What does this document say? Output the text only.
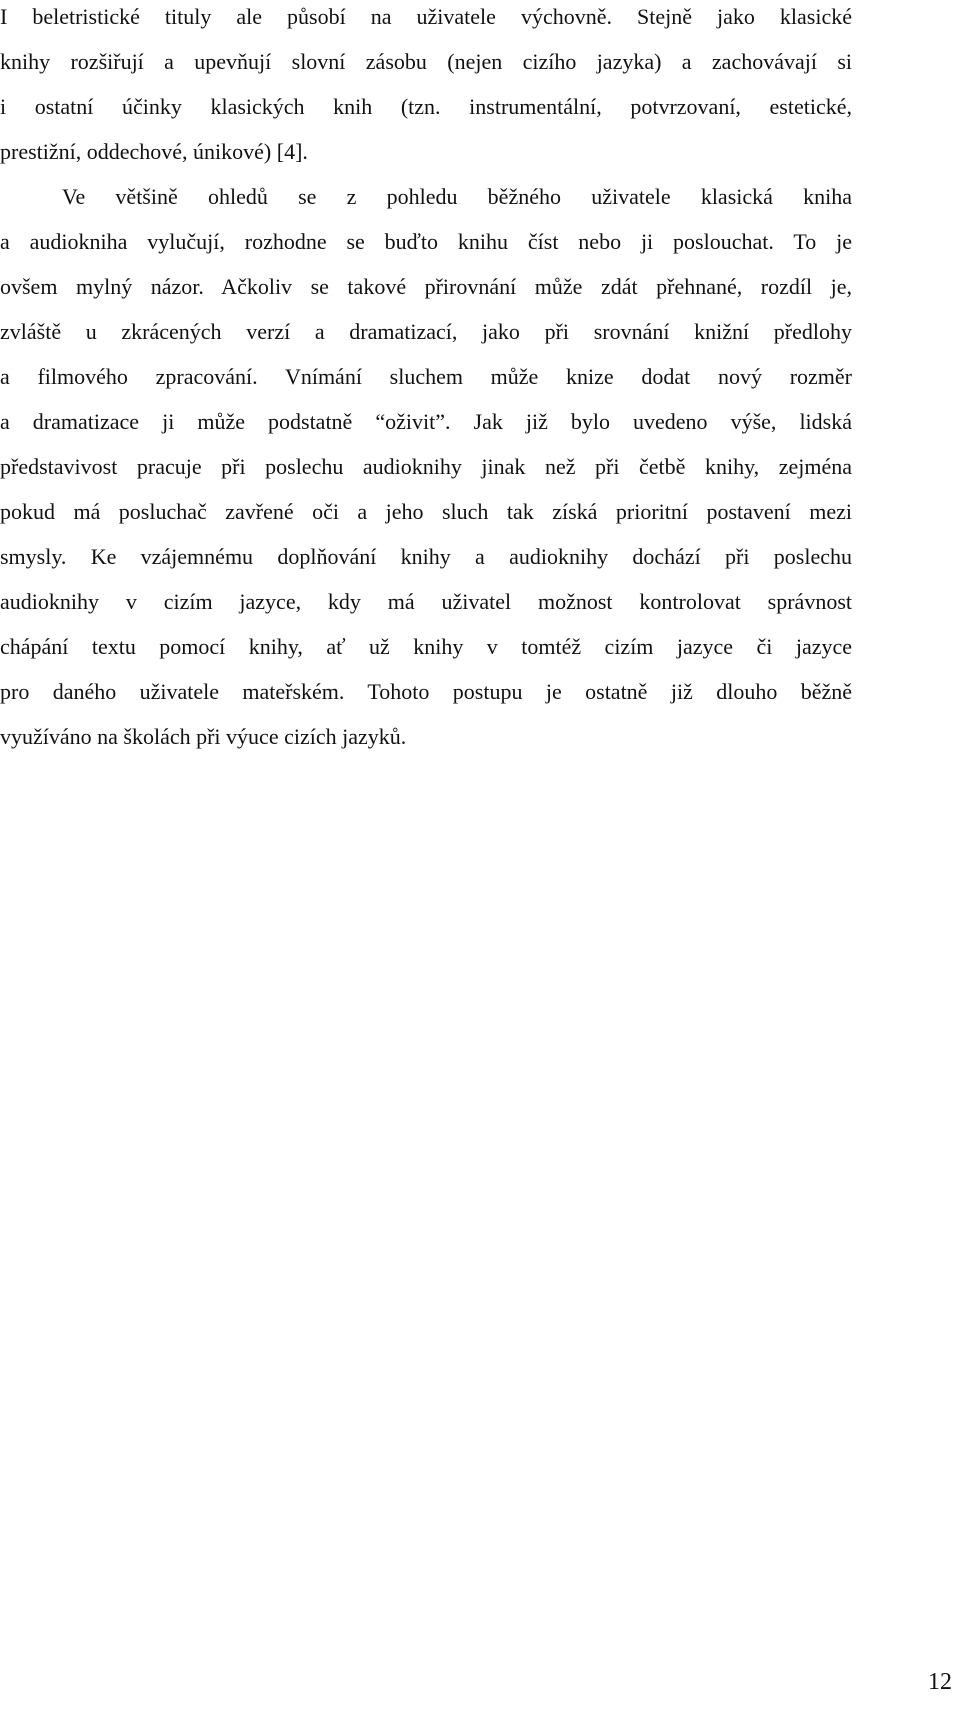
I beletristické tituly ale působí na uživatele výchovně. Stejně jako klasické
knihy rozšiřují a upevňují slovní zásobu (nejen cizího jazyka) a zachovávají si
i ostatní účinky klasických knih (tzn. instrumentální, potvrzovaní, estetické,
prestižní, oddechové, únikové) [4].
Ve většině ohledů se z pohledu běžného uživatele klasická kniha
a audiokniha vylučují, rozhodne se buďto knihu číst nebo ji poslouchat. To je
ovšem mylný názor. Ačkoliv se takové přirovnání může zdát přehnané, rozdíl je,
zvláště u zkrácených verzí a dramatizací, jako při srovnání knižní předlohy
a filmového zpracování. Vnímání sluchem může knize dodat nový rozměr
a dramatizace ji může podstatně “oživit”. Jak již bylo uvedeno výše, lidská
představivost pracuje při poslechu audioknihy jinak než při četbě knihy, zejména
pokud má posluchač zavřené oči a jeho sluch tak získá prioritní postavení mezi
smysly. Ke vzájemnému doplňování knihy a audioknihy dochází při poslechu
audioknihy v cizím jazyce, kdy má uživatel možnost kontrolovat správnost
chápání textu pomocí knihy, ať už knihy v tomtéž cizím jazyce či jazyce
pro daného uživatele mateřském. Tohoto postupu je ostatně již dlouho běžně
využíváno na školách při výuce cizích jazyků.
12
